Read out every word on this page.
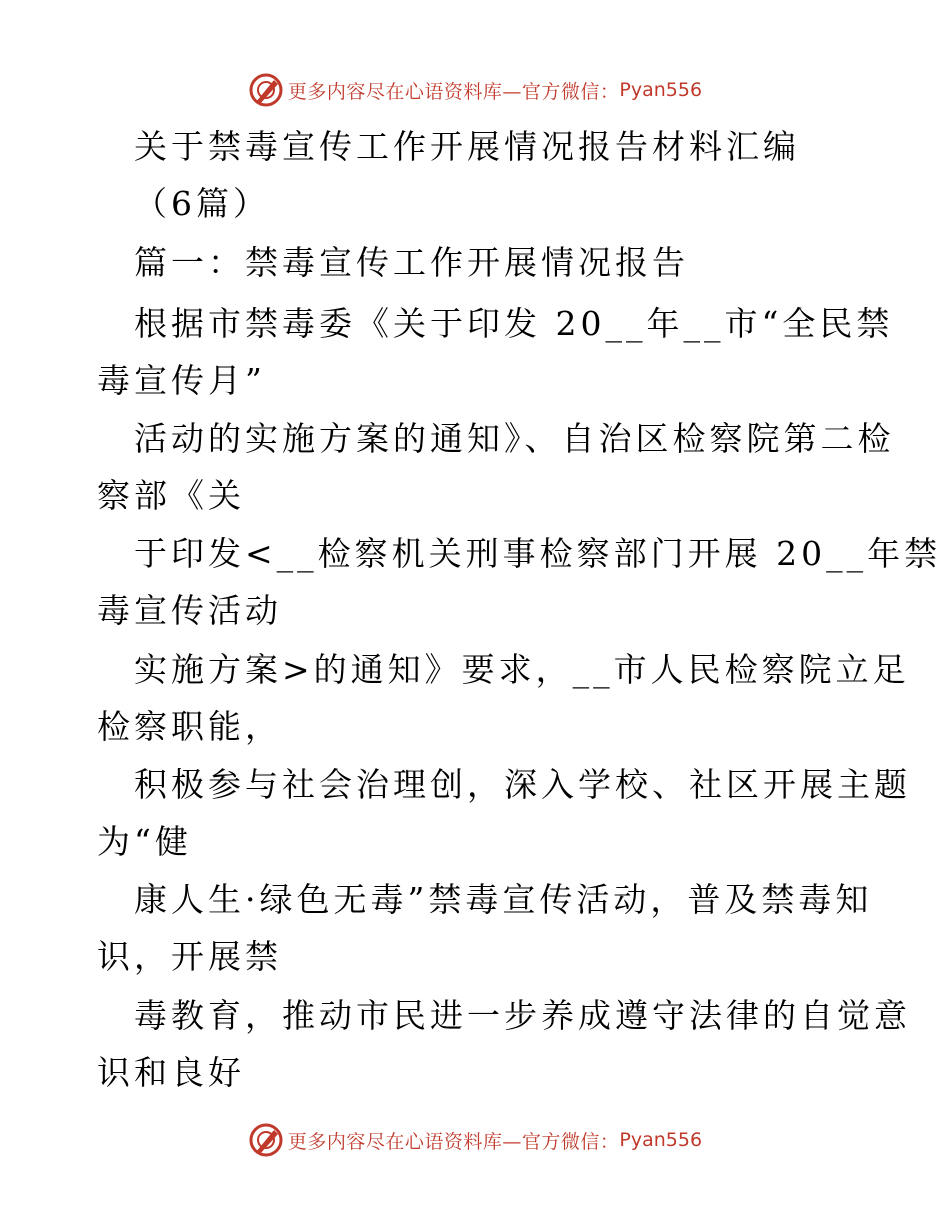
更多内容尽在心语资料库—官方微信： Pyan556
关于禁毒宣传工作开展情况报告材料汇编
（6篇）
篇一：禁毒宣传工作开展情况报告
根据市禁毒委《关于印发 20__年__市“全民禁
毒宣传月”
活动的实施方案的通知》、自治区检察院第二检
察部《关
于印发<__检察机关刑事检察部门开展 20__年禁
毒宣传活动
实施方案>的通知》要求，__市人民检察院立足
检察职能，
积极参与社会治理创，深入学校、社区开展主题
为“健
康人生·绿色无毒”禁毒宣传活动，普及禁毒知
识，开展禁
毒教育，推动市民进一步养成遵守法律的自觉意
识和良好
更多内容尽在心语资料库—官方微信： Pyan556
